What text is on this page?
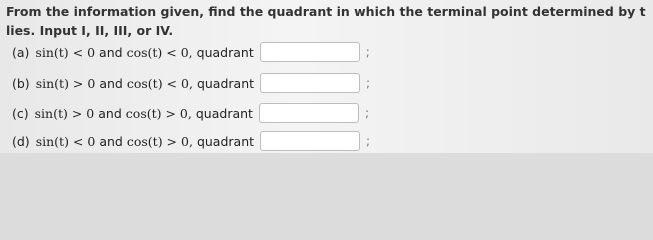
From the information given, find the quadrant in which the terminal point determined by t lies. Input I, II, III, or IV.
(a) sin(t) < 0 and cos(t) < 0, quadrant	;
(b) sin(t) > 0 and cos(t) < 0, quadrant	;
(c) sin(t) > 0 and cos(t) > 0, quadrant	;
(d) sin(t) < 0 and cos(t) > 0, quadrant	;
